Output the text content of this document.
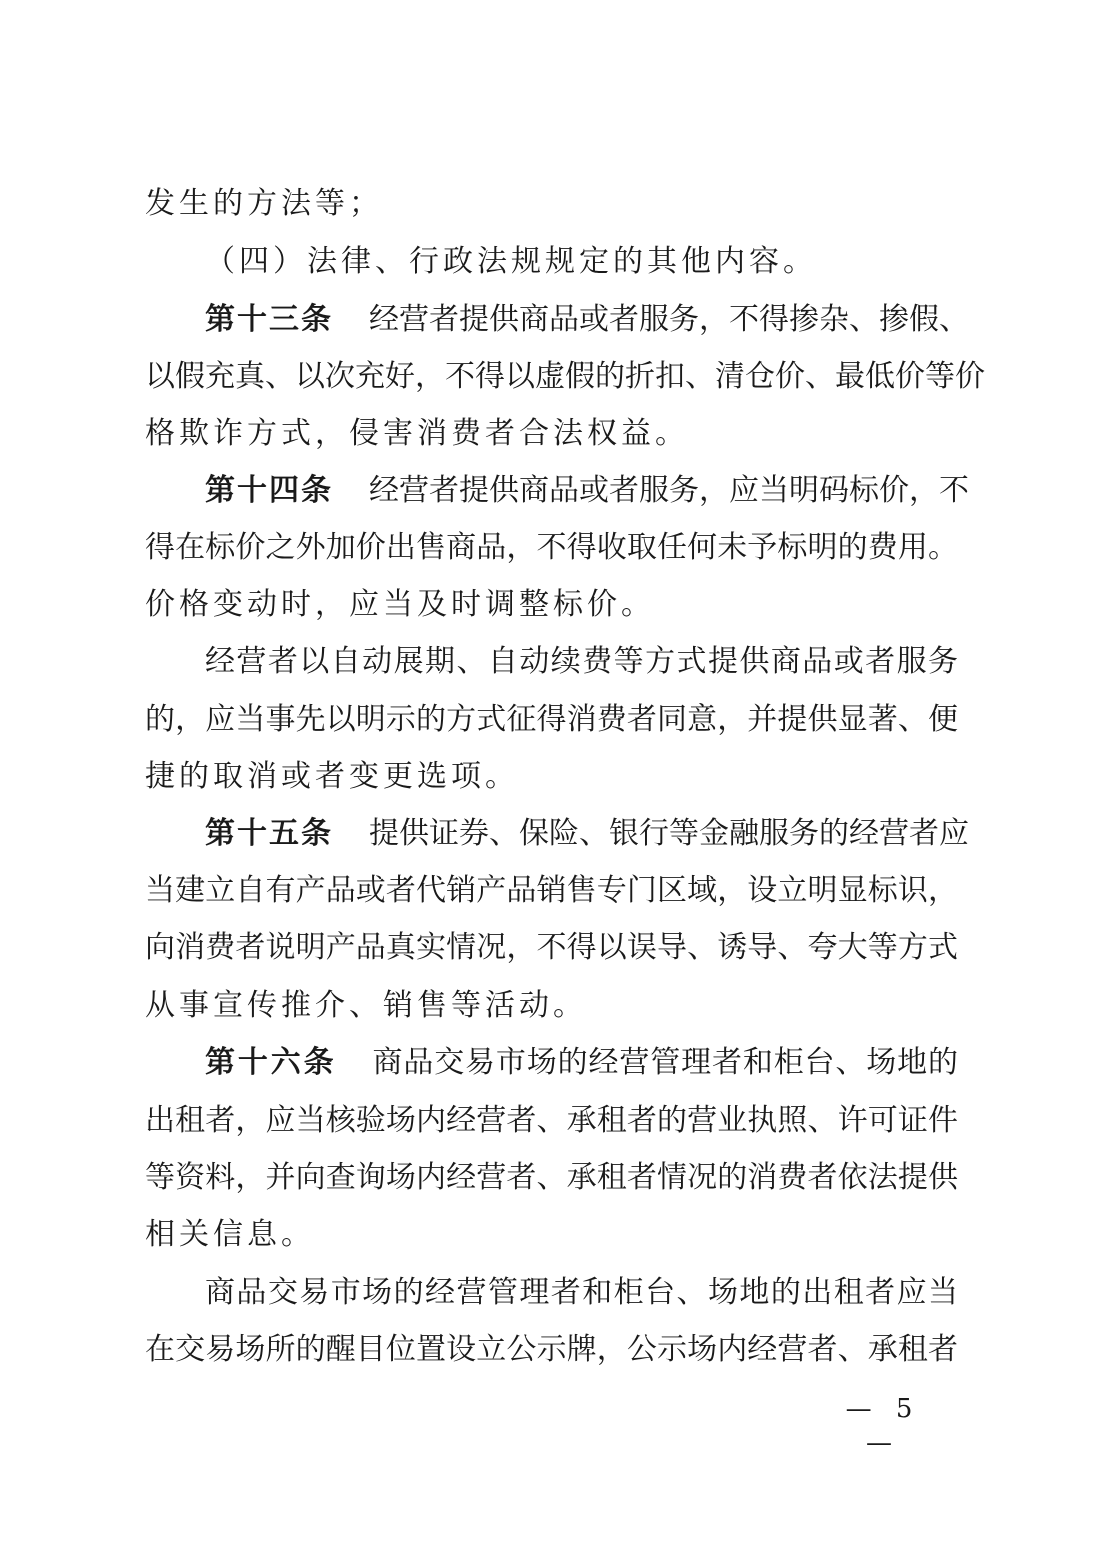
发生的方法等；
（四）法律、行政法规规定的其他内容。
第十三条 经营者提供商品或者服务，不得掺杂、掺假、
以假充真、以次充好，不得以虚假的折扣、清仓价、最低价等价
格欺诈方式，侵害消费者合法权益。
第十四条 经营者提供商品或者服务，应当明码标价，不
得在标价之外加价出售商品，不得收取任何未予标明的费用。
价格变动时，应当及时调整标价。
经营者以自动展期、自动续费等方式提供商品或者服务
的，应当事先以明示的方式征得消费者同意，并提供显著、便
捷的取消或者变更选项。
第十五条 提供证券、保险、银行等金融服务的经营者应
当建立自有产品或者代销产品销售专门区域，设立明显标识，
向消费者说明产品真实情况，不得以误导、诱导、夸大等方式
从事宣传推介、销售等活动。
第十六条 商品交易市场的经营管理者和柜台、场地的
出租者，应当核验场内经营者、承租者的营业执照、许可证件
等资料，并向查询场内经营者、承租者情况的消费者依法提供
相关信息。
商品交易市场的经营管理者和柜台、场地的出租者应当
在交易场所的醒目位置设立公示牌，公示场内经营者、承租者
— 5 —
